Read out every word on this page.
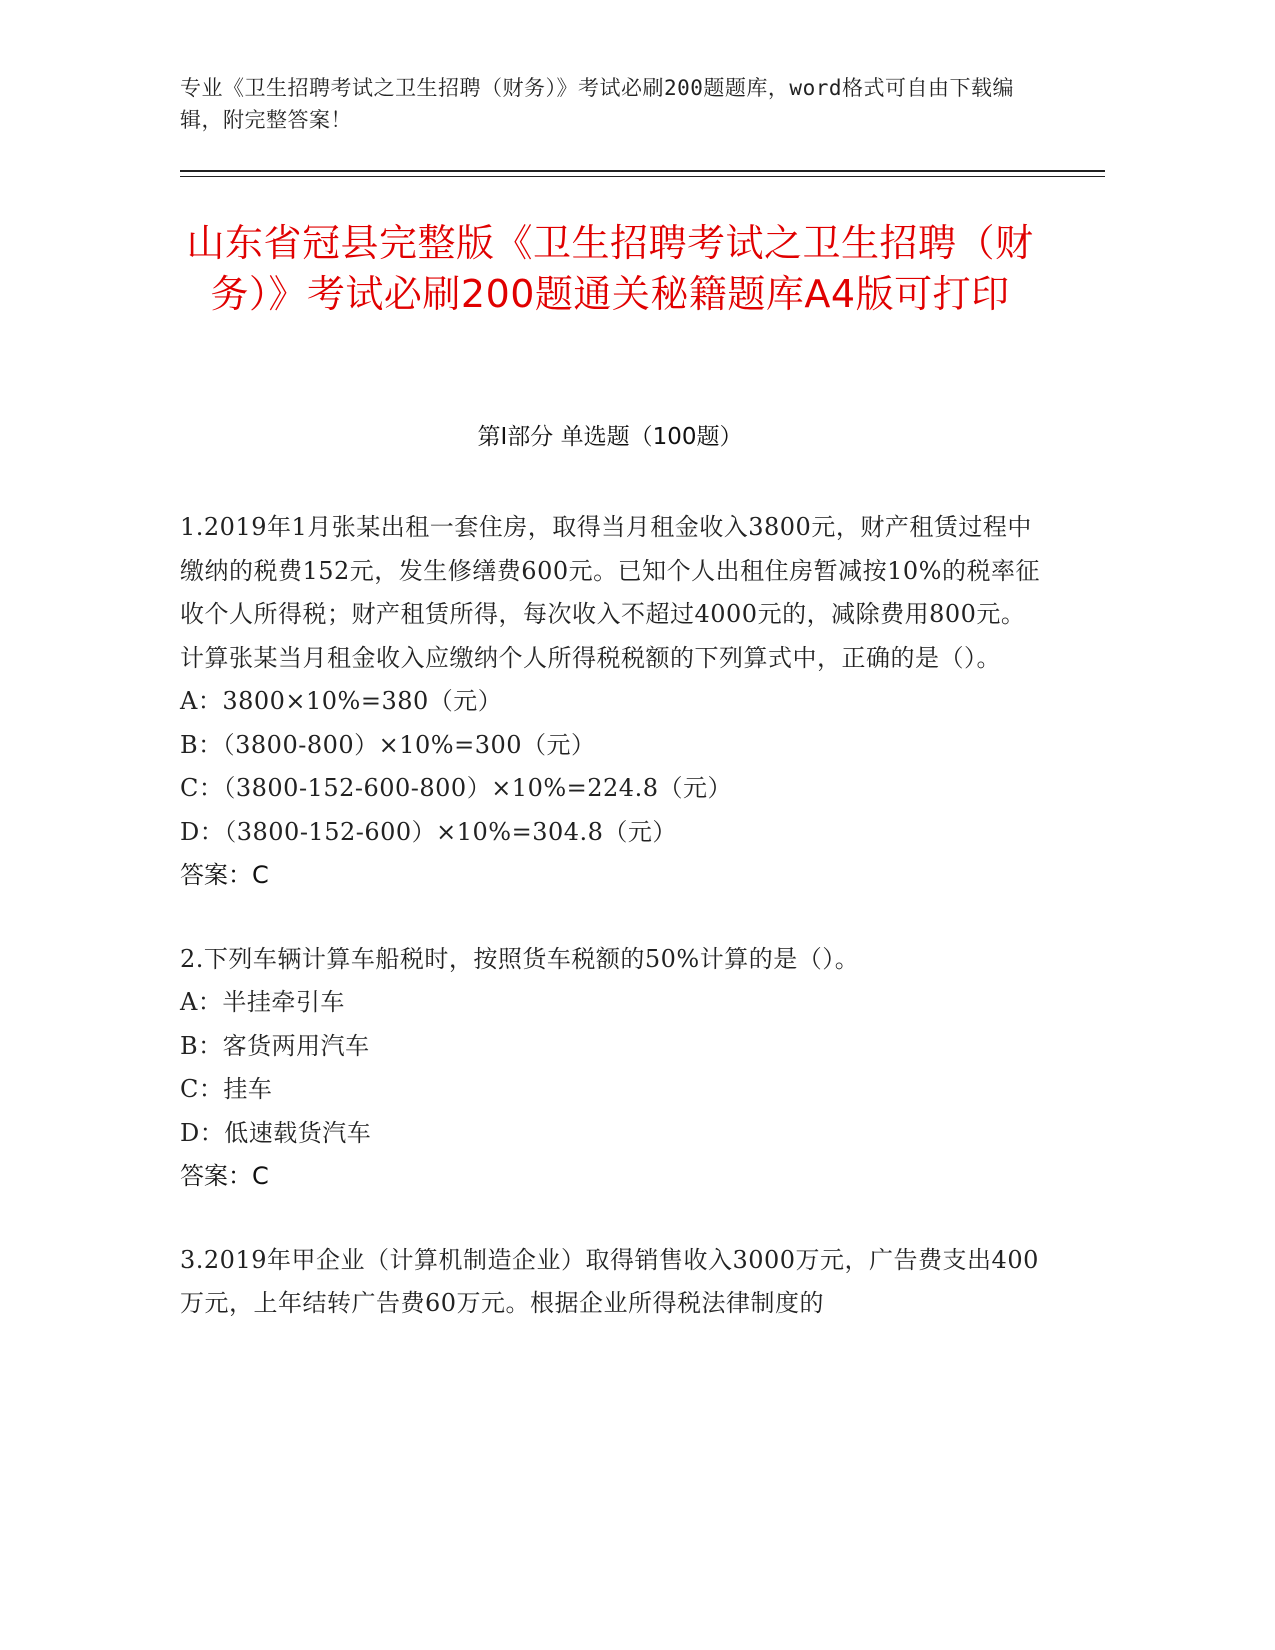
专业《卫生招聘考试之卫生招聘（财务）》考试必刷200题题库，word格式可自由下载编辑，附完整答案！
山东省冠县完整版《卫生招聘考试之卫生招聘（财务）》考试必刷200题通关秘籍题库A4版可打印
第I部分 单选题（100题）
1.2019年1月张某出租一套住房，取得当月租金收入3800元，财产租赁过程中缴纳的税费152元，发生修缮费600元。已知个人出租住房暂减按10%的税率征收个人所得税；财产租赁所得，每次收入不超过4000元的，减除费用800元。计算张某当月租金收入应缴纳个人所得税税额的下列算式中，正确的是（）。
A：3800×10%=380（元）
B：（3800-800）×10%=300（元）
C：（3800-152-600-800）×10%=224.8（元）
D：（3800-152-600）×10%=304.8（元）
答案：C
2.下列车辆计算车船税时，按照货车税额的50%计算的是（）。
A：半挂牵引车
B：客货两用汽车
C：挂车
D：低速载货汽车
答案：C
3.2019年甲企业（计算机制造企业）取得销售收入3000万元，广告费支出400万元，上年结转广告费60万元。根据企业所得税法律制度的
